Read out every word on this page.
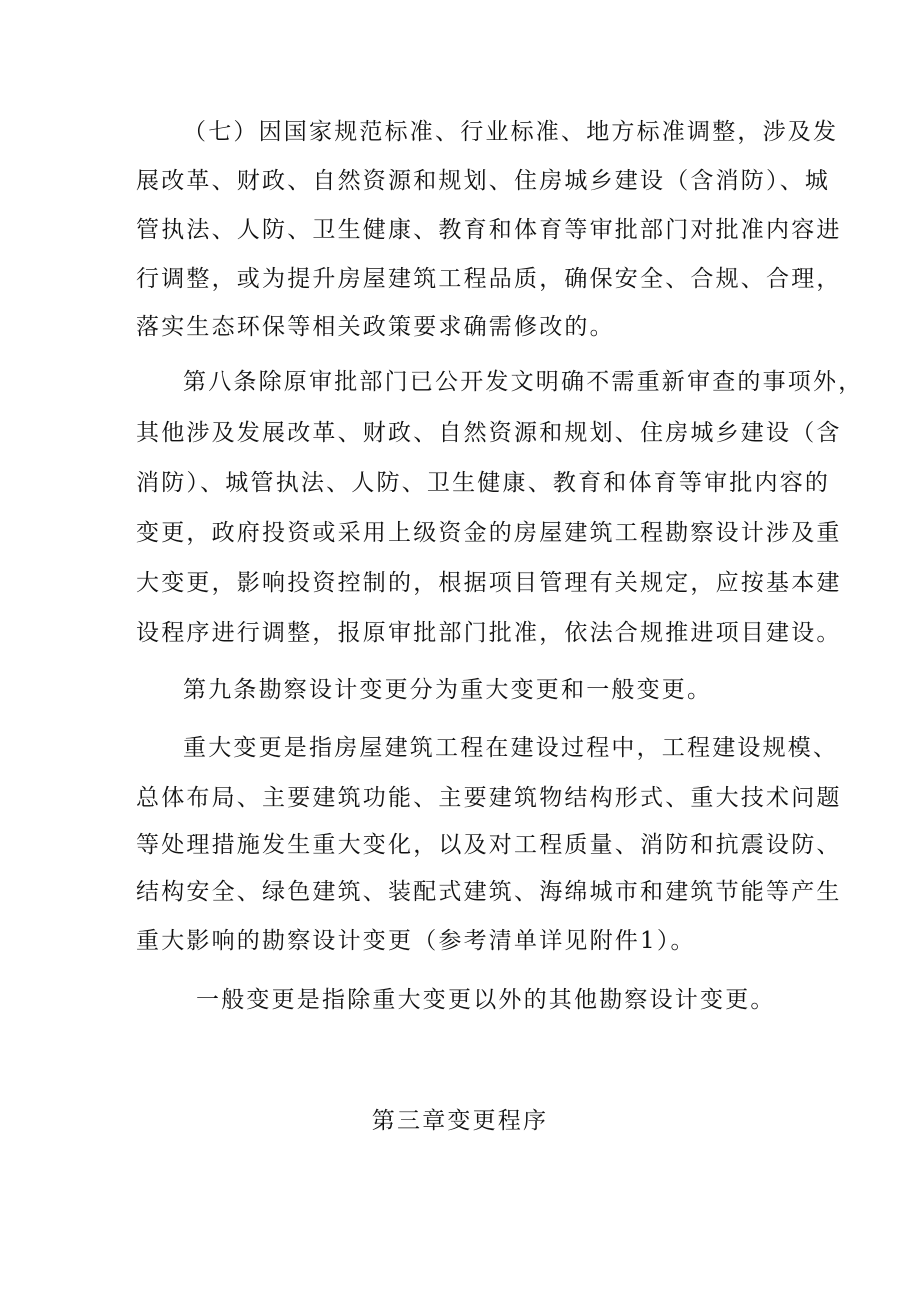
（七）因国家规范标准、行业标准、地方标准调整，涉及发
展改革、财政、自然资源和规划、住房城乡建设（含消防）、城
管执法、人防、卫生健康、教育和体育等审批部门对批准内容进
行调整，或为提升房屋建筑工程品质，确保安全、合规、合理，
落实生态环保等相关政策要求确需修改的。
第八条除原审批部门已公开发文明确不需重新审查的事项外，
其他涉及发展改革、财政、自然资源和规划、住房城乡建设（含
消防）、城管执法、人防、卫生健康、教育和体育等审批内容的
变更，政府投资或采用上级资金的房屋建筑工程勘察设计涉及重
大变更，影响投资控制的，根据项目管理有关规定，应按基本建
设程序进行调整，报原审批部门批准，依法合规推进项目建设。
第九条勘察设计变更分为重大变更和一般变更。
重大变更是指房屋建筑工程在建设过程中，工程建设规模、
总体布局、主要建筑功能、主要建筑物结构形式、重大技术问题
等处理措施发生重大变化，以及对工程质量、消防和抗震设防、
结构安全、绿色建筑、装配式建筑、海绵城市和建筑节能等产生
重大影响的勘察设计变更（参考清单详见附件1）。
一般变更是指除重大变更以外的其他勘察设计变更。
第三章变更程序
